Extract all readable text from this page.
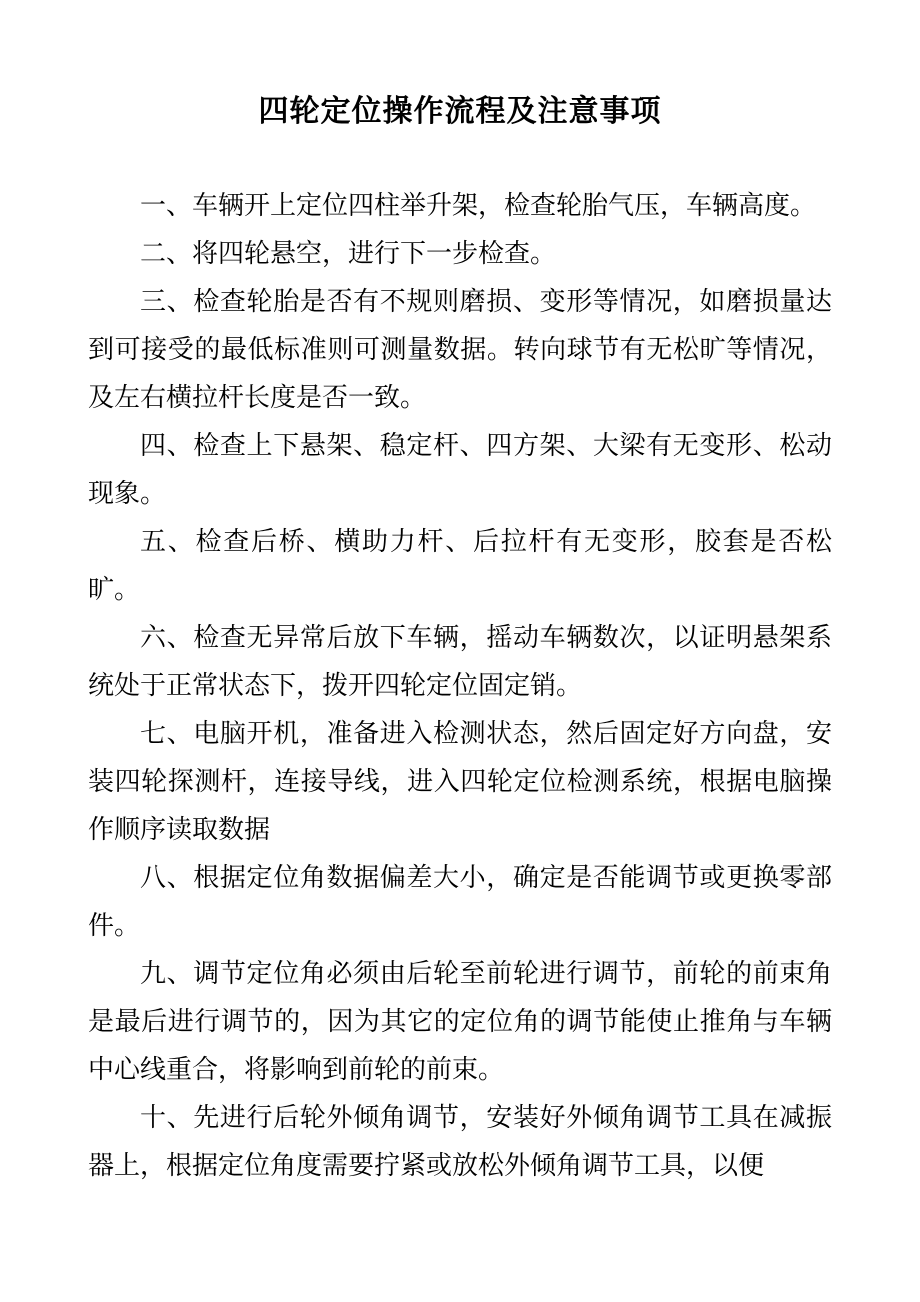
四轮定位操作流程及注意事项

一、车辆开上定位四柱举升架，检查轮胎气压，车辆高度。

二、将四轮悬空，进行下一步检查。

三、检查轮胎是否有不规则磨损、变形等情况，如磨损量达到可接受的最低标准则可测量数据。转向球节有无松旷等情况，及左右横拉杆长度是否一致。

四、检查上下悬架、稳定杆、四方架、大梁有无变形、松动现象。

五、检查后桥、横助力杆、后拉杆有无变形，胶套是否松旷。

六、检查无异常后放下车辆，摇动车辆数次，以证明悬架系统处于正常状态下，拨开四轮定位固定销。

七、电脑开机，准备进入检测状态，然后固定好方向盘，安装四轮探测杆，连接导线，进入四轮定位检测系统，根据电脑操作顺序读取数据

八、根据定位角数据偏差大小，确定是否能调节或更换零部件。

九、调节定位角必须由后轮至前轮进行调节，前轮的前束角是最后进行调节的，因为其它的定位角的调节能使止推角与车辆中心线重合，将影响到前轮的前束。

十、先进行后轮外倾角调节，安装好外倾角调节工具在减振器上，根据定位角度需要拧紧或放松外倾角调节工具，以便
